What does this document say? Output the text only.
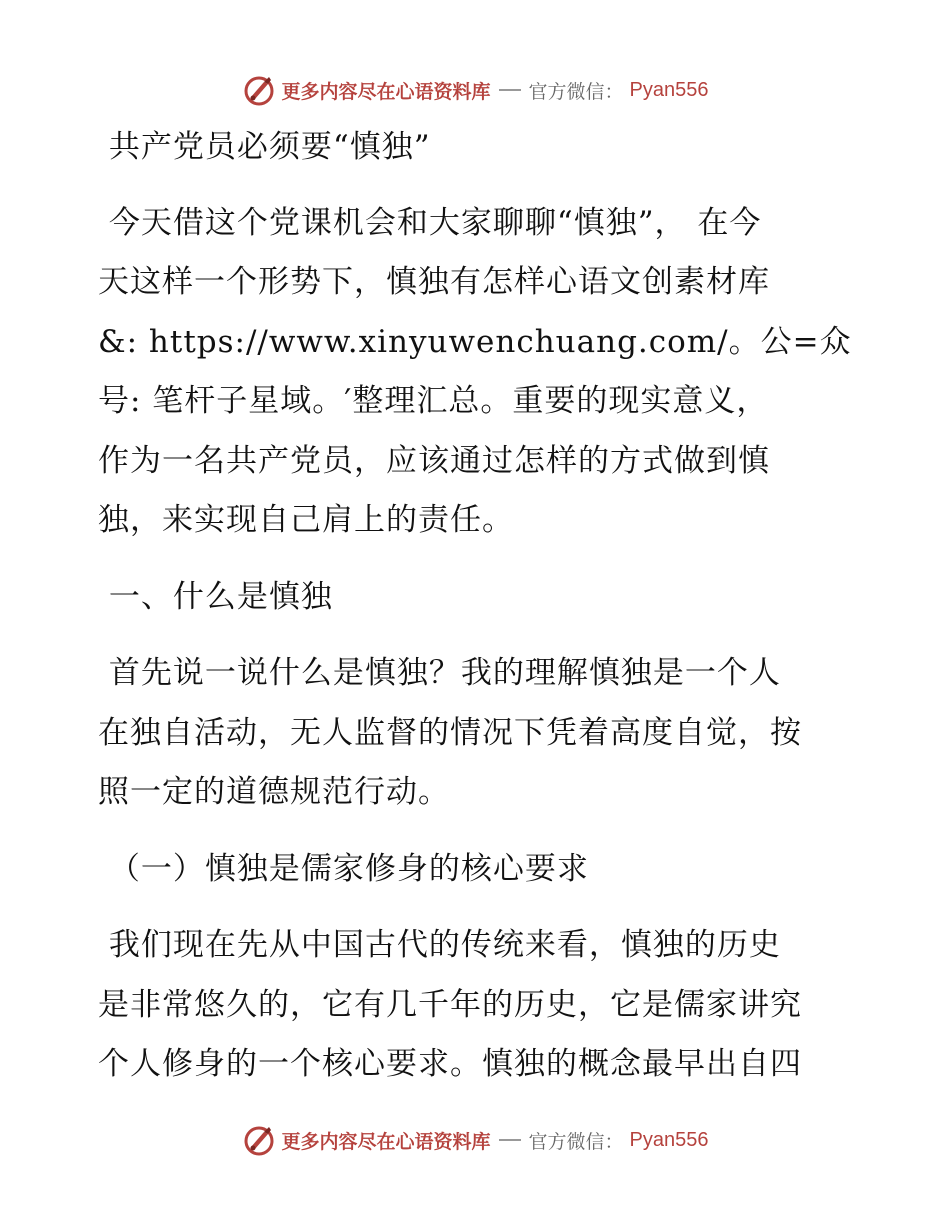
更多内容尽在心语资料库 官方微信： Pyan556

共产党员必须要“慎独”

今天借这个党课机会和大家聊聊“慎独”， 在今

天这样一个形势下，慎独有怎样心语文创素材库

&: https://www.xinyuwenchuang.com/。公=众

号: 笔杆子星域。′整理汇总。重要的现实意义，

作为一名共产党员，应该通过怎样的方式做到慎

独，来实现自己肩上的责任。

一、什么是慎独

首先说一说什么是慎独？我的理解慎独是一个人

在独自活动，无人监督的情况下凭着高度自觉，按

照一定的道德规范行动。

（一）慎独是儒家修身的核心要求

我们现在先从中国古代的传统来看，慎独的历史

是非常悠久的，它有几千年的历史，它是儒家讲究

个人修身的一个核心要求。慎独的概念最早出自四

更多内容尽在心语资料库 官方微信： Pyan556
